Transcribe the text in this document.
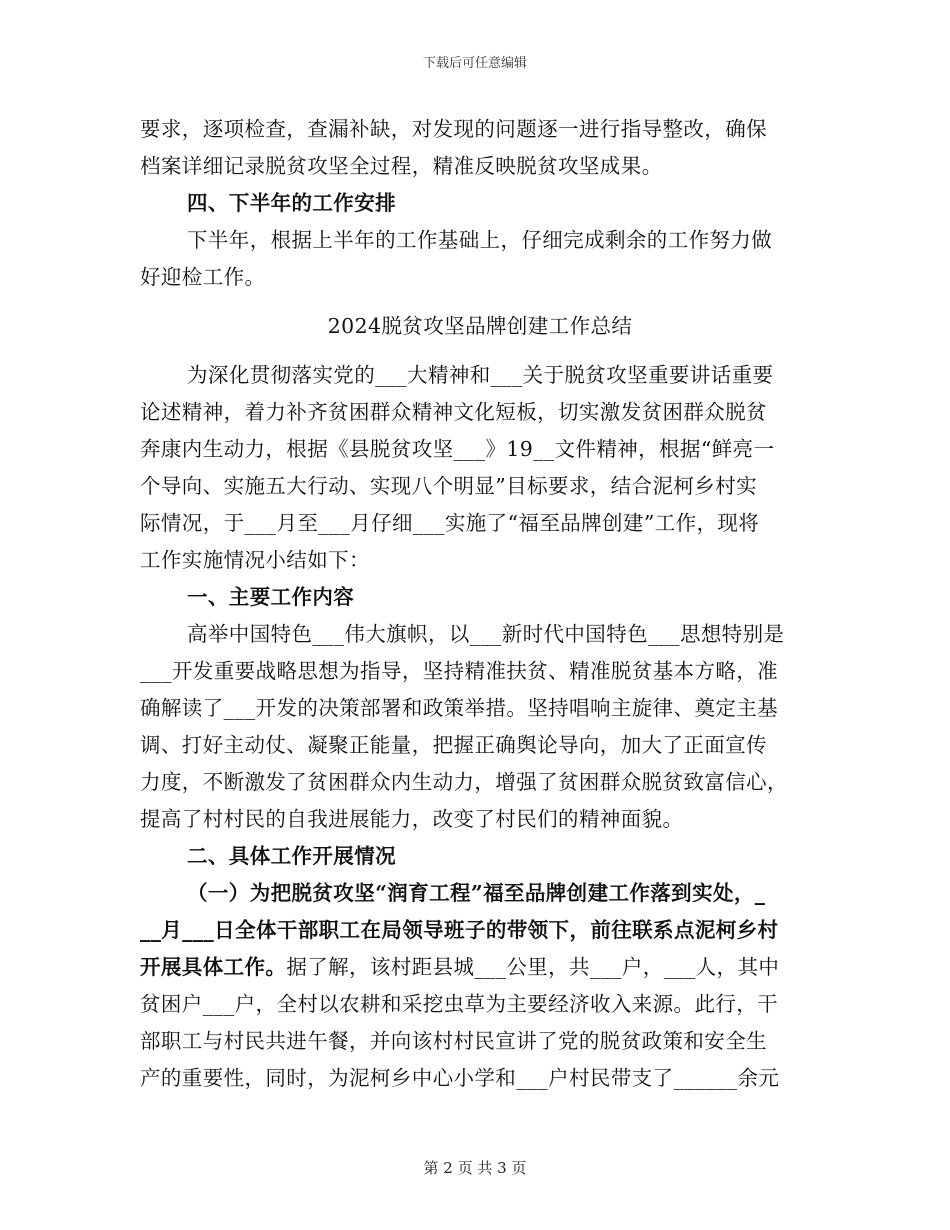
下载后可任意编辑
要求，逐项检查，查漏补缺，对发现的问题逐一进行指导整改，确保
档案详细记录脱贫攻坚全过程，精准反映脱贫攻坚成果。
四、下半年的工作安排
下半年，根据上半年的工作基础上，仔细完成剩余的工作努力做
好迎检工作。
2024脱贫攻坚品牌创建工作总结
为深化贯彻落实党的___大精神和___关于脱贫攻坚重要讲话重要
论述精神，着力补齐贫困群众精神文化短板，切实激发贫困群众脱贫
奔康内生动力，根据《县脱贫攻坚___》19__文件精神，根据“鲜亮一
个导向、实施五大行动、实现八个明显”目标要求，结合泥柯乡村实
际情况，于___月至___月仔细___实施了“福至品牌创建”工作，现将
工作实施情况小结如下：
一、主要工作内容
高举中国特色___伟大旗帜，以___新时代中国特色___思想特别是
___开发重要战略思想为指导，坚持精准扶贫、精准脱贫基本方略，准
确解读了___开发的决策部署和政策举措。坚持唱响主旋律、奠定主基
调、打好主动仗、凝聚正能量，把握正确舆论导向，加大了正面宣传
力度，不断激发了贫困群众内生动力，增强了贫困群众脱贫致富信心，
提高了村村民的自我进展能力，改变了村民们的精神面貌。
二、具体工作开展情况
（一）为把脱贫攻坚“润育工程”福至品牌创建工作落到实处，_
__月___日全体干部职工在局领导班子的带领下，前往联系点泥柯乡村
开展具体工作。据了解，该村距县城___公里，共___户，___人，其中
贫困户___户，全村以农耕和采挖虫草为主要经济收入来源。此行，干
部职工与村民共进午餐，并向该村村民宣讲了党的脱贫政策和安全生
产的重要性，同时，为泥柯乡中心小学和___户村民带支了______余元
第 2 页 共 3 页
